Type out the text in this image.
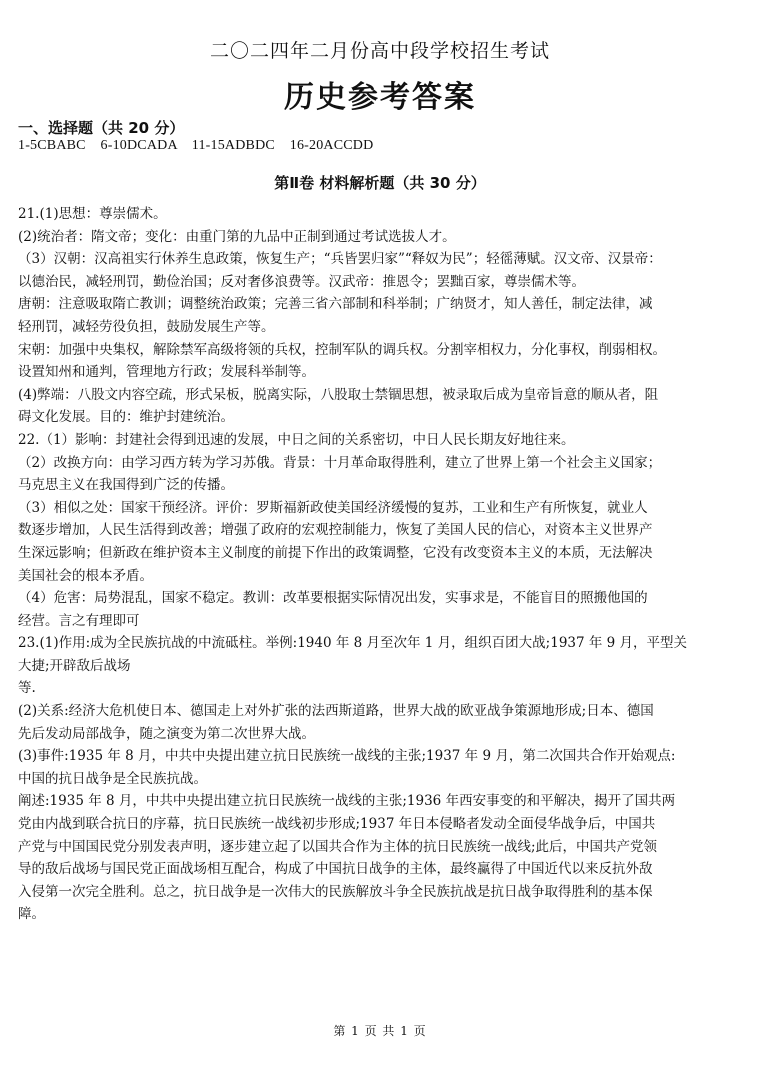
二〇二四年二月份高中段学校招生考试
历史参考答案
一、选择题（共 20 分）
1-5CBABC    6-10DCADA    11-15ADBDC    16-20ACCDD
第Ⅱ卷 材料解析题（共 30 分）
21.(1)思想：尊崇儒术。
(2)统治者：隋文帝；变化：由重门第的九品中正制到通过考试选拔人才。
（3）汉朝：汉高祖实行休养生息政策，恢复生产；“兵皆罢归家”“释奴为民”；轻徭薄赋。汉文帝、汉景帝：
以德治民，减轻刑罚，勤俭治国；反对奢侈浪费等。汉武帝：推恩令；罢黜百家，尊崇儒术等。
唐朝：注意吸取隋亡教训；调整统治政策；完善三省六部制和科举制；广纳贤才，知人善任，制定法律，减
轻刑罚，减轻劳役负担，鼓励发展生产等。
宋朝：加强中央集权，解除禁军高级将领的兵权，控制军队的调兵权。分割宰相权力，分化事权，削弱相权。
设置知州和通判，管理地方行政；发展科举制等。
(4)弊端：八股文内容空疏，形式呆板，脱离实际，八股取士禁锢思想，被录取后成为皇帝旨意的顺从者，阻
碍文化发展。目的：维护封建统治。
22.（1）影响：封建社会得到迅速的发展，中日之间的关系密切，中日人民长期友好地往来。
（2）改换方向：由学习西方转为学习苏俄。背景：十月革命取得胜利，建立了世界上第一个社会主义国家；
马克思主义在我国得到广泛的传播。
（3）相似之处：国家干预经济。评价：罗斯福新政使美国经济缓慢的复苏，工业和生产有所恢复，就业人
数逐步增加，人民生活得到改善；增强了政府的宏观控制能力，恢复了美国人民的信心，对资本主义世界产
生深远影响；但新政在维护资本主义制度的前提下作出的政策调整，它没有改变资本主义的本质，无法解决
美国社会的根本矛盾。
（4）危害：局势混乱，国家不稳定。教训：改革要根据实际情况出发，实事求是，不能盲目的照搬他国的
经营。言之有理即可
23.(1)作用:成为全民族抗战的中流砥柱。举例:1940 年 8 月至次年 1 月，组织百团大战;1937 年 9 月，平型关
大捷;开辟敌后战场
等.
(2)关系:经济大危机使日本、德国走上对外扩张的法西斯道路，世界大战的欧亚战争策源地形成;日本、德国
先后发动局部战争，随之演变为第二次世界大战。
(3)事件:1935 年 8 月，中共中央提出建立抗日民族统一战线的主张;1937 年 9 月，第二次国共合作开始观点:
中国的抗日战争是全民族抗战。
阐述:1935 年 8 月，中共中央提出建立抗日民族统一战线的主张;1936 年西安事变的和平解决，揭开了国共两
党由内战到联合抗日的序幕，抗日民族统一战线初步形成;1937 年日本侵略者发动全面侵华战争后，中国共
产党与中国国民党分别发表声明，逐步建立起了以国共合作为主体的抗日民族统一战线;此后，中国共产党领
导的敌后战场与国民党正面战场相互配合，构成了中国抗日战争的主体，最终赢得了中国近代以来反抗外敌
入侵第一次完全胜利。总之，抗日战争是一次伟大的民族解放斗争全民族抗战是抗日战争取得胜利的基本保
障。
第 1 页 共 1 页
